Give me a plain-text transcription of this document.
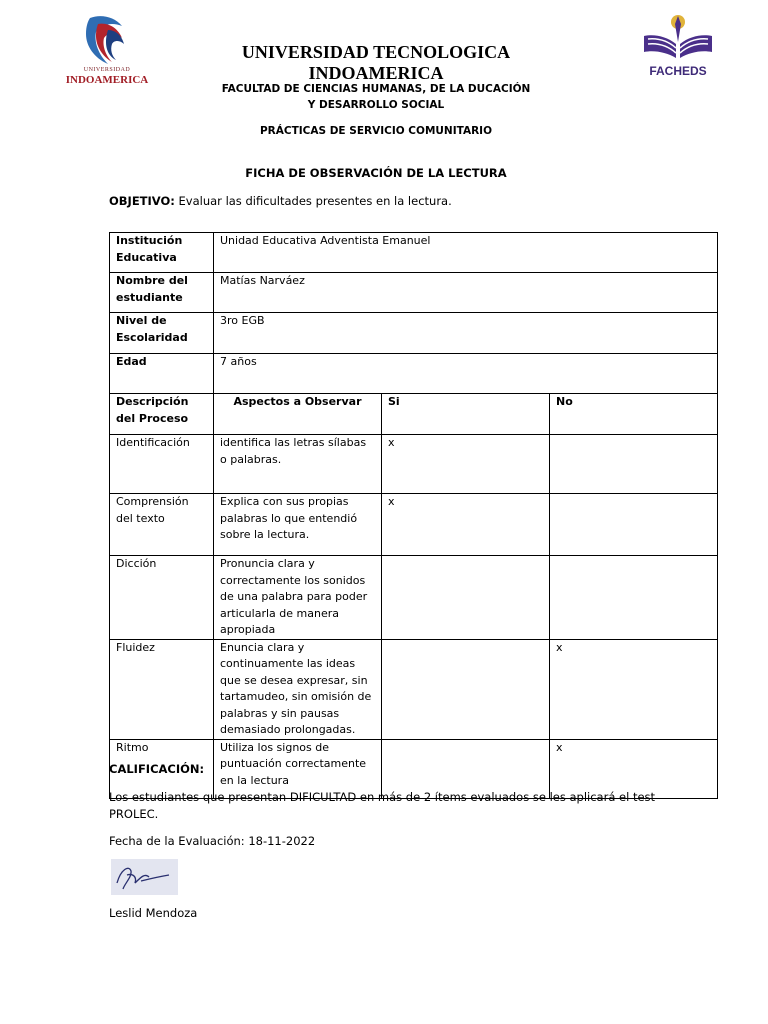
UNIVERSIDAD
INDOAMERICA
FACHEDS
UNIVERSIDAD TECNOLOGICA
INDOAMERICA
FACULTAD DE CIENCIAS HUMANAS, DE LA DUCACIÓN
Y DESARROLLO SOCIAL
PRÁCTICAS DE SERVICIO COMUNITARIO
FICHA DE OBSERVACIÓN DE LA LECTURA
OBJETIVO: Evaluar las dificultades presentes en la lectura.
Institución Educativa	Unidad Educativa Adventista Emanuel		
Nombre del estudiante	Matías Narváez		
Nivel de Escolaridad	3ro EGB		
Edad	7 años		
Descripción del Proceso	Aspectos a Observar	Si	No
Identificación	identifica las letras sílabas o palabras.	x	
Comprensión del texto	Explica con sus propias palabras lo que entendió sobre la lectura.	x	
Dicción	Pronuncia clara y correctamente los sonidos de una palabra para poder articularla de manera apropiada		
Fluidez	Enuncia clara y continuamente las ideas que se desea expresar, sin tartamudeo, sin omisión de palabras y sin pausas demasiado prolongadas.		x
Ritmo	Utiliza los signos de puntuación correctamente en la lectura		x
CALIFICACIÓN:
Los estudiantes que presentan DIFICULTAD en más de 2 ítems evaluados se les aplicará el test PROLEC.
Fecha de la Evaluación: 18-11-2022
Leslid Mendoza
